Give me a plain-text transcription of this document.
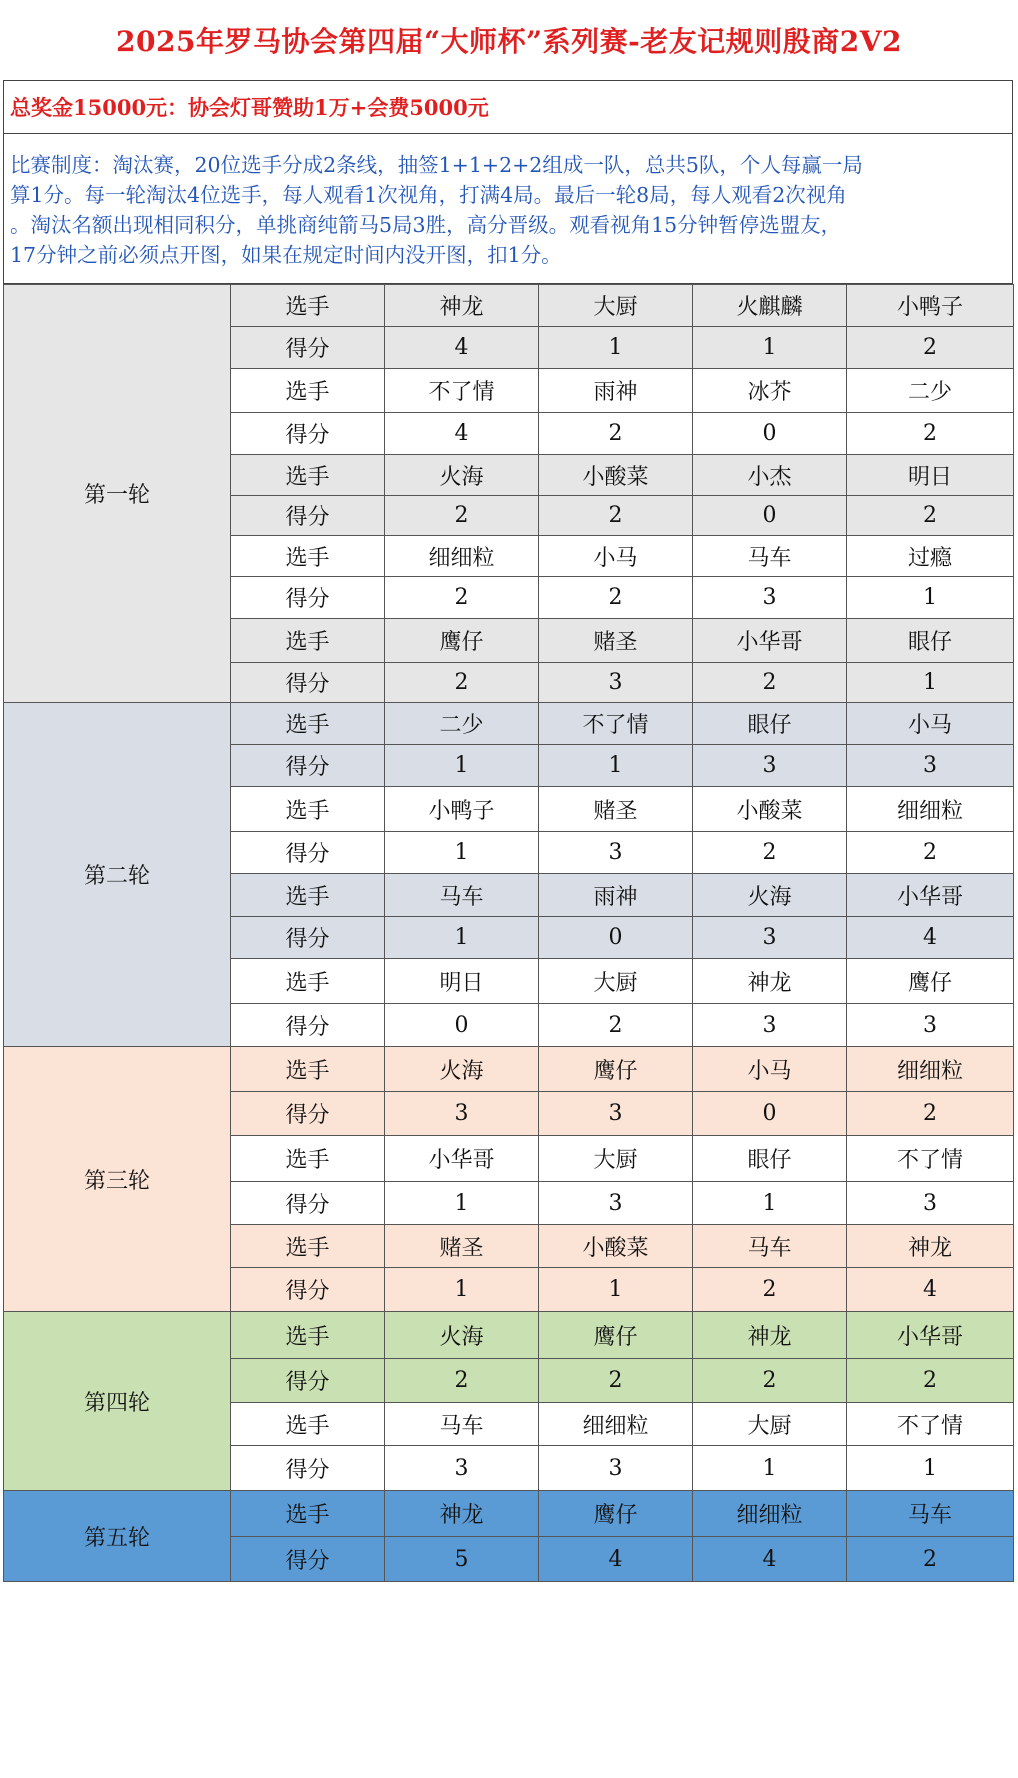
2025年罗马协会第四届“大师杯”系列赛-老友记规则殷商2V2
总奖金15000元：协会灯哥赞助1万+会费5000元
比赛制度：淘汰赛，20位选手分成2条线，抽签1+1+2+2组成一队，总共5队，个人每赢一局
算1分。每一轮淘汰4位选手，每人观看1次视角，打满4局。最后一轮8局，每人观看2次视角
。淘汰名额出现相同积分，单挑商纯箭马5局3胜，高分晋级。观看视角15分钟暂停选盟友，
17分钟之前必须点开图，如果在规定时间内没开图，扣1分。
第一轮	选手	神龙	大厨	火麒麟	小鸭子
	得分	4	1	1	2
	选手	不了情	雨神	冰芥	二少
	得分	4	2	0	2
	选手	火海	小酸菜	小杰	明日
	得分	2	2	0	2
	选手	细细粒	小马	马车	过瘾
	得分	2	2	3	1
	选手	鹰仔	赌圣	小华哥	眼仔
	得分	2	3	2	1
第二轮	选手	二少	不了情	眼仔	小马
	得分	1	1	3	3
	选手	小鸭子	赌圣	小酸菜	细细粒
	得分	1	3	2	2
	选手	马车	雨神	火海	小华哥
	得分	1	0	3	4
	选手	明日	大厨	神龙	鹰仔
	得分	0	2	3	3
第三轮	选手	火海	鹰仔	小马	细细粒
	得分	3	3	0	2
	选手	小华哥	大厨	眼仔	不了情
	得分	1	3	1	3
	选手	赌圣	小酸菜	马车	神龙
	得分	1	1	2	4
第四轮	选手	火海	鹰仔	神龙	小华哥
	得分	2	2	2	2
	选手	马车	细细粒	大厨	不了情
	得分	3	3	1	1
第五轮	选手	神龙	鹰仔	细细粒	马车
	得分	5	4	4	2
